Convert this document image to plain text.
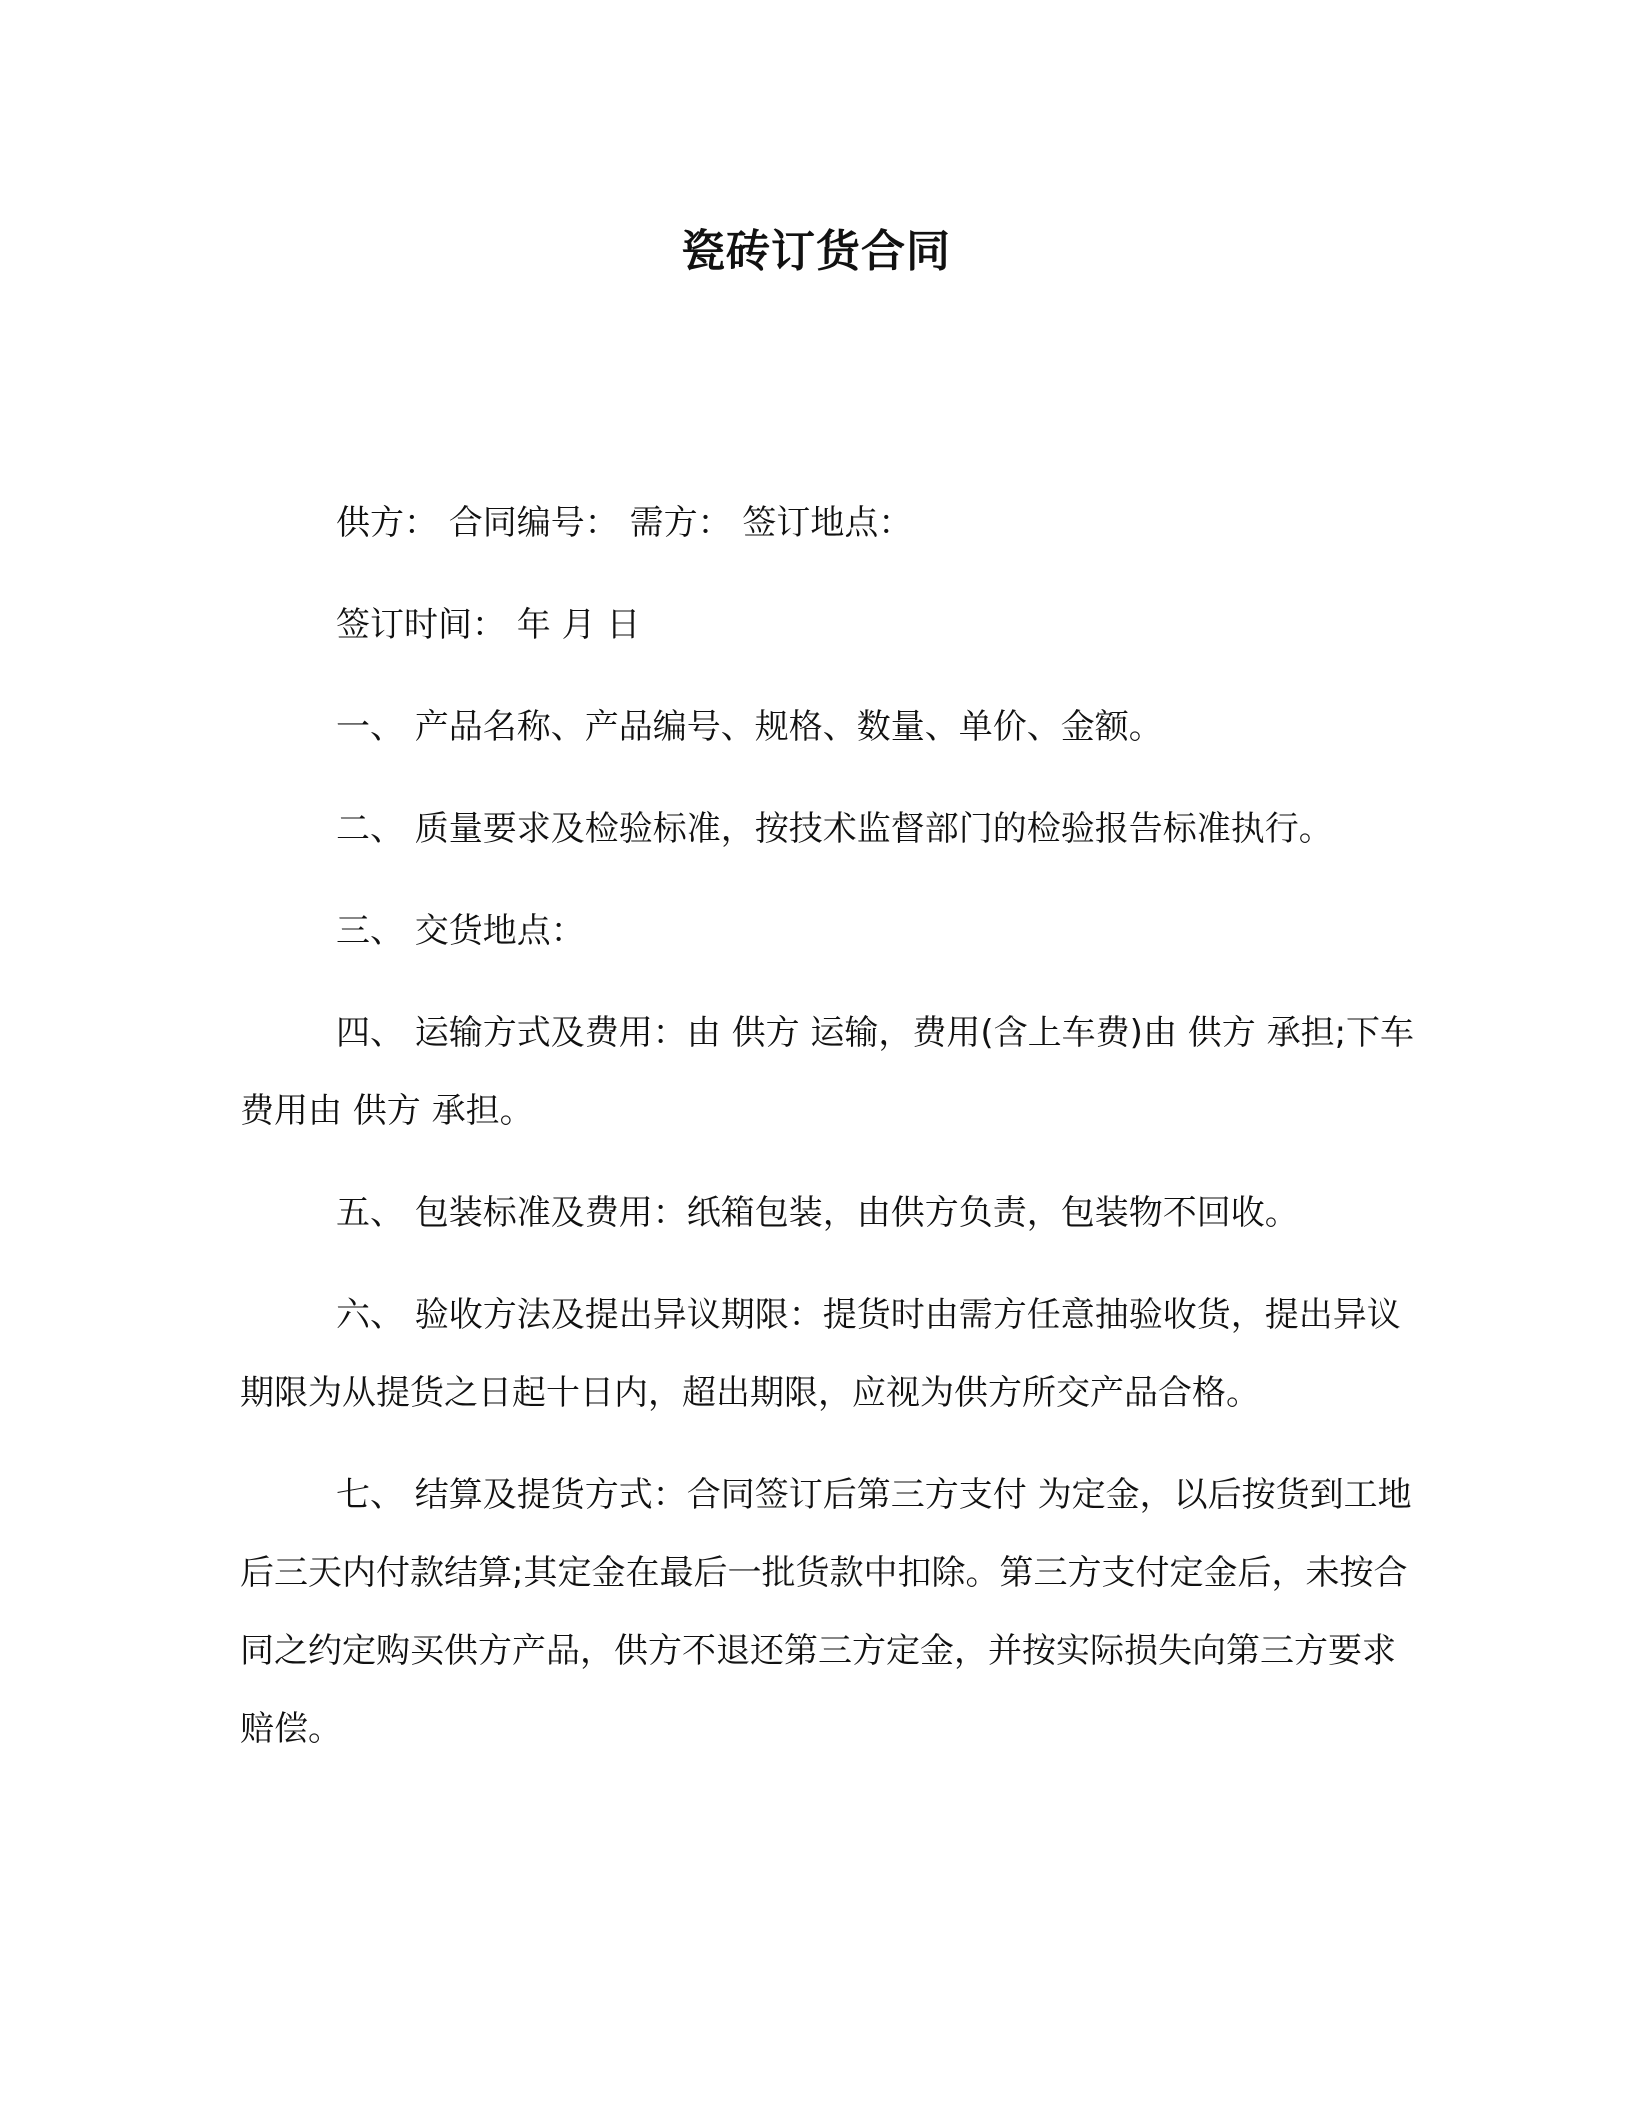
瓷砖订货合同

供方： 合同编号： 需方： 签订地点：

签订时间： 年 月 日

一、 产品名称、产品编号、规格、数量、单价、金额。

二、 质量要求及检验标准，按技术监督部门的检验报告标准执行。

三、 交货地点：

四、 运输方式及费用：由 供方 运输，费用(含上车费)由 供方 承担;下车费用由 供方 承担。

五、 包装标准及费用：纸箱包装，由供方负责，包装物不回收。

六、 验收方法及提出异议期限：提货时由需方任意抽验收货，提出异议期限为从提货之日起十日内，超出期限，应视为供方所交产品合格。

七、 结算及提货方式：合同签订后第三方支付 为定金，以后按货到工地后三天内付款结算;其定金在最后一批货款中扣除。第三方支付定金后，未按合同之约定购买供方产品，供方不退还第三方定金，并按实际损失向第三方要求赔偿。
